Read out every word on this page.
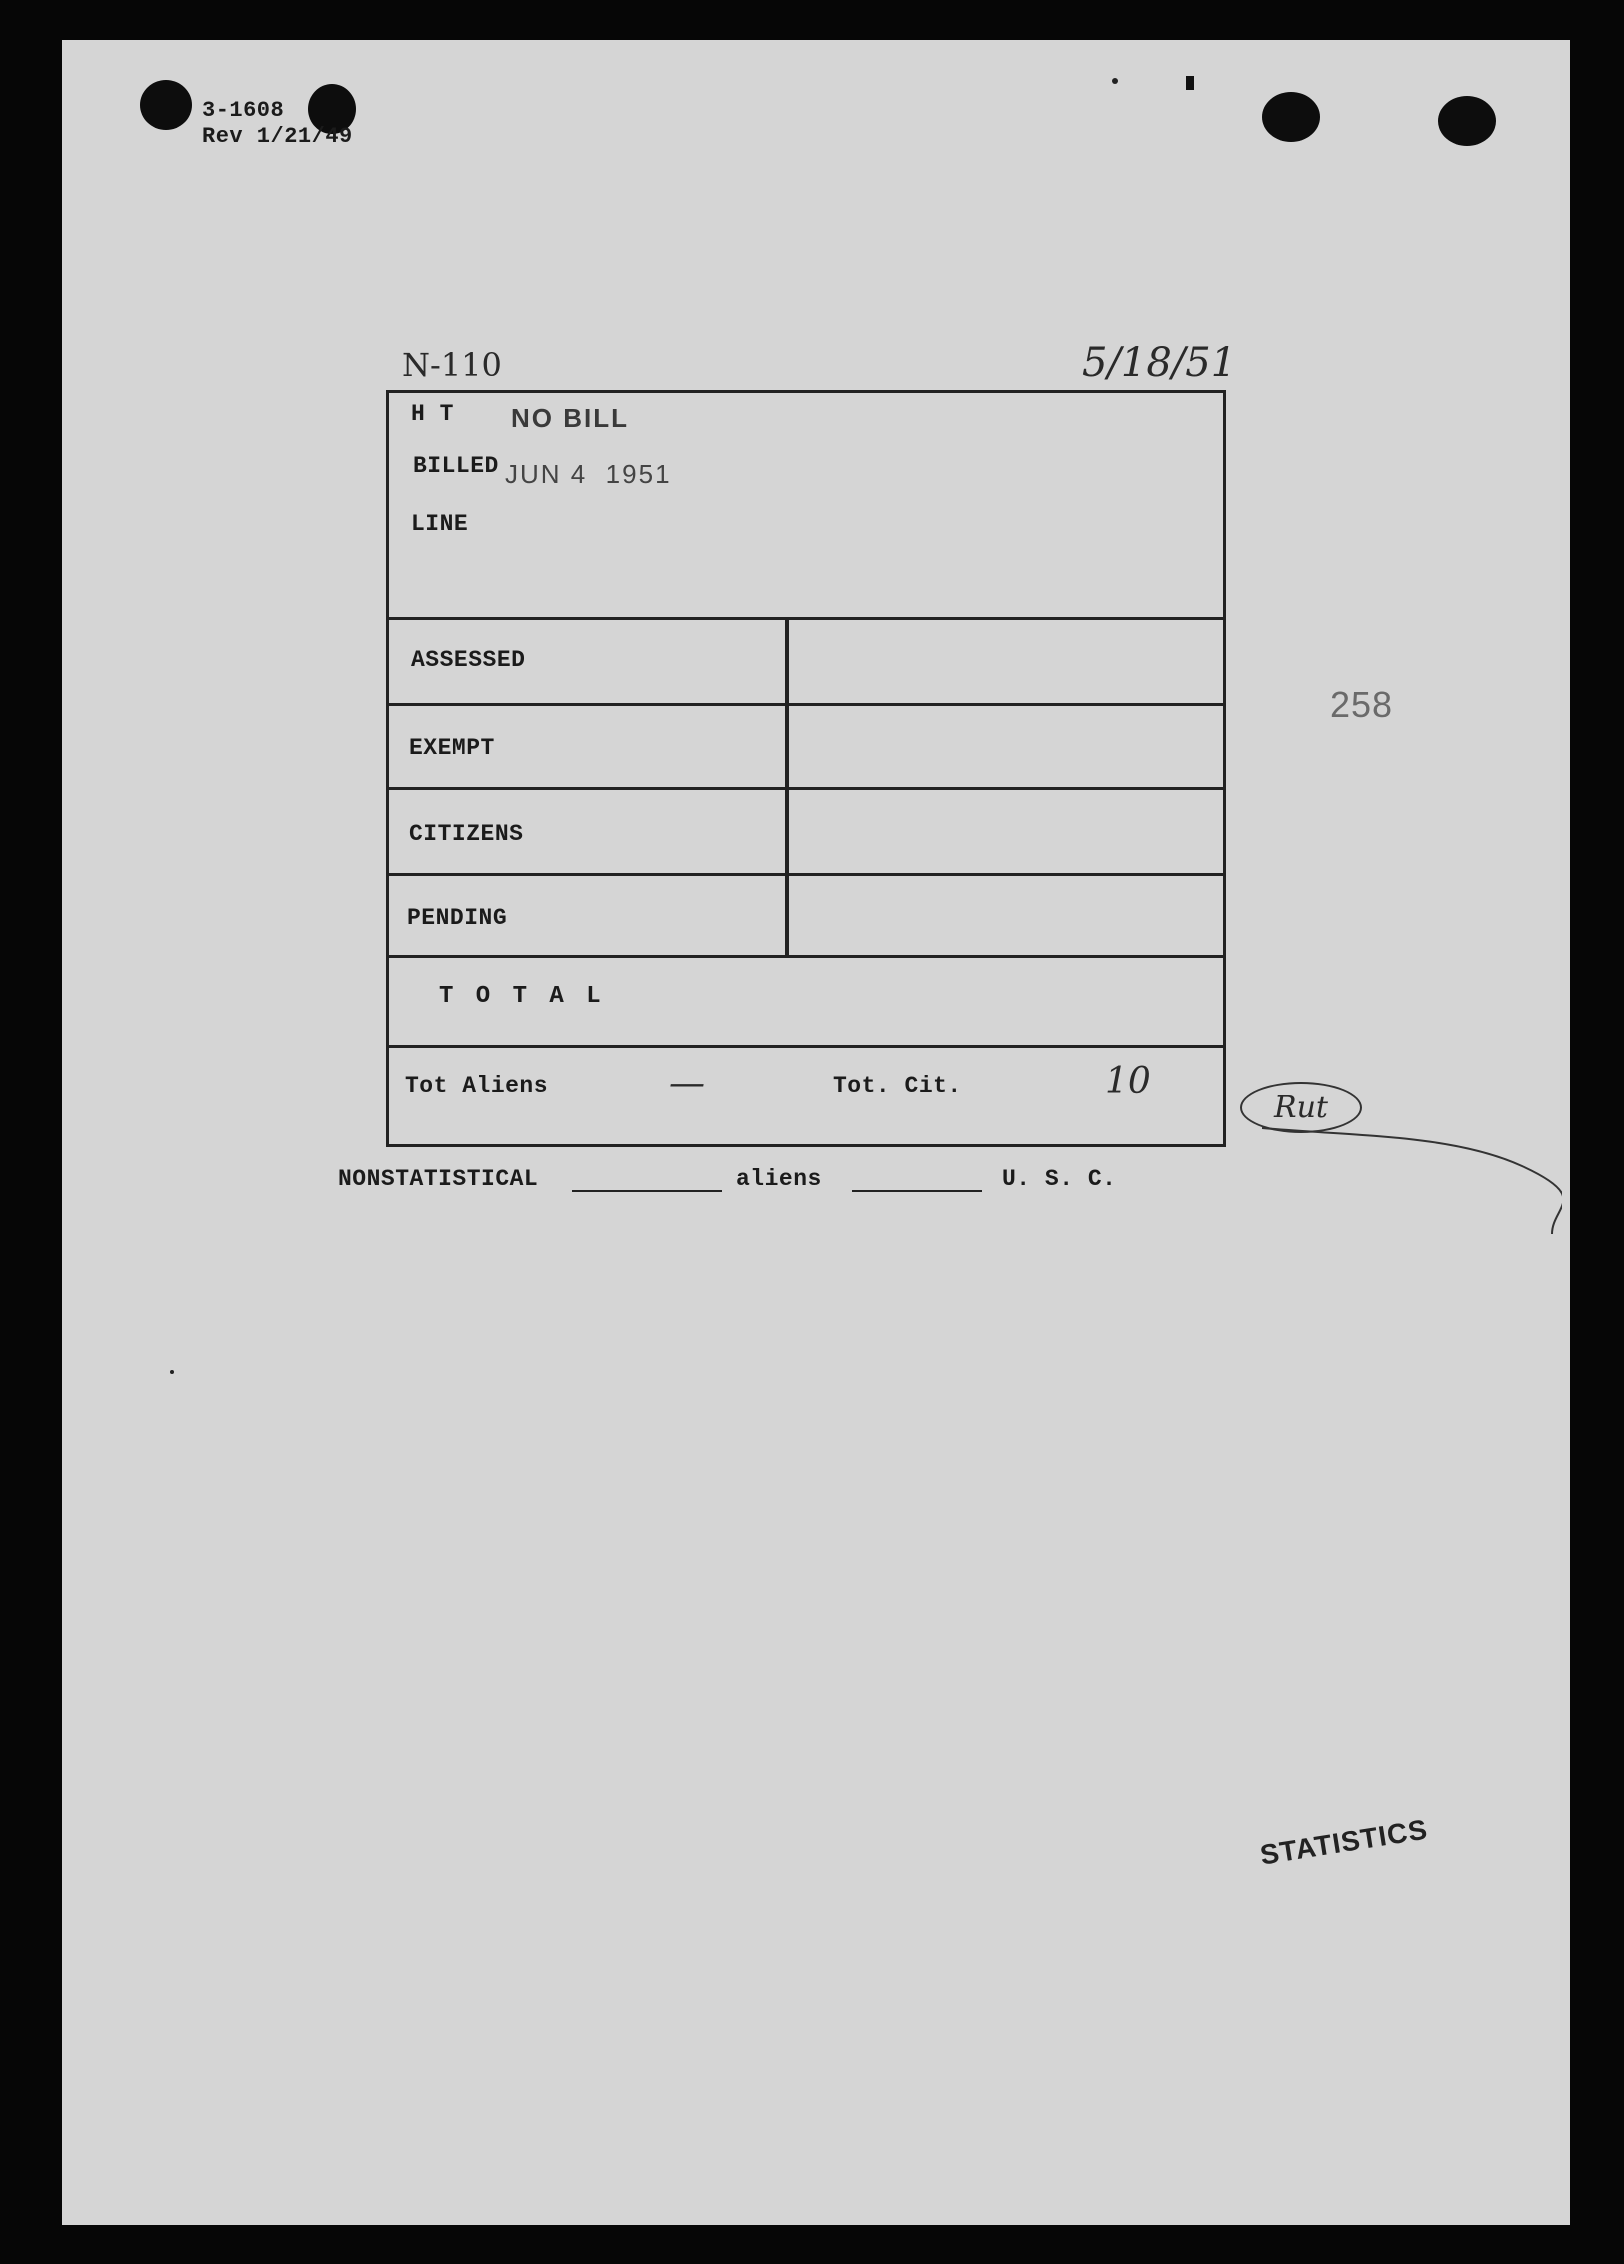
3-1608
Rev 1/21/49
N-110	5/18/51
258
H T NO BILL
BILLED JUN 4  1951
LINE
ASSESSED
EXEMPT
CITIZENS
PENDING
T O T A L
Tot Aliens	—	Tot. Cit.	10
Rut
NONSTATISTICAL	aliens	U. S. C.
STATISTICS
